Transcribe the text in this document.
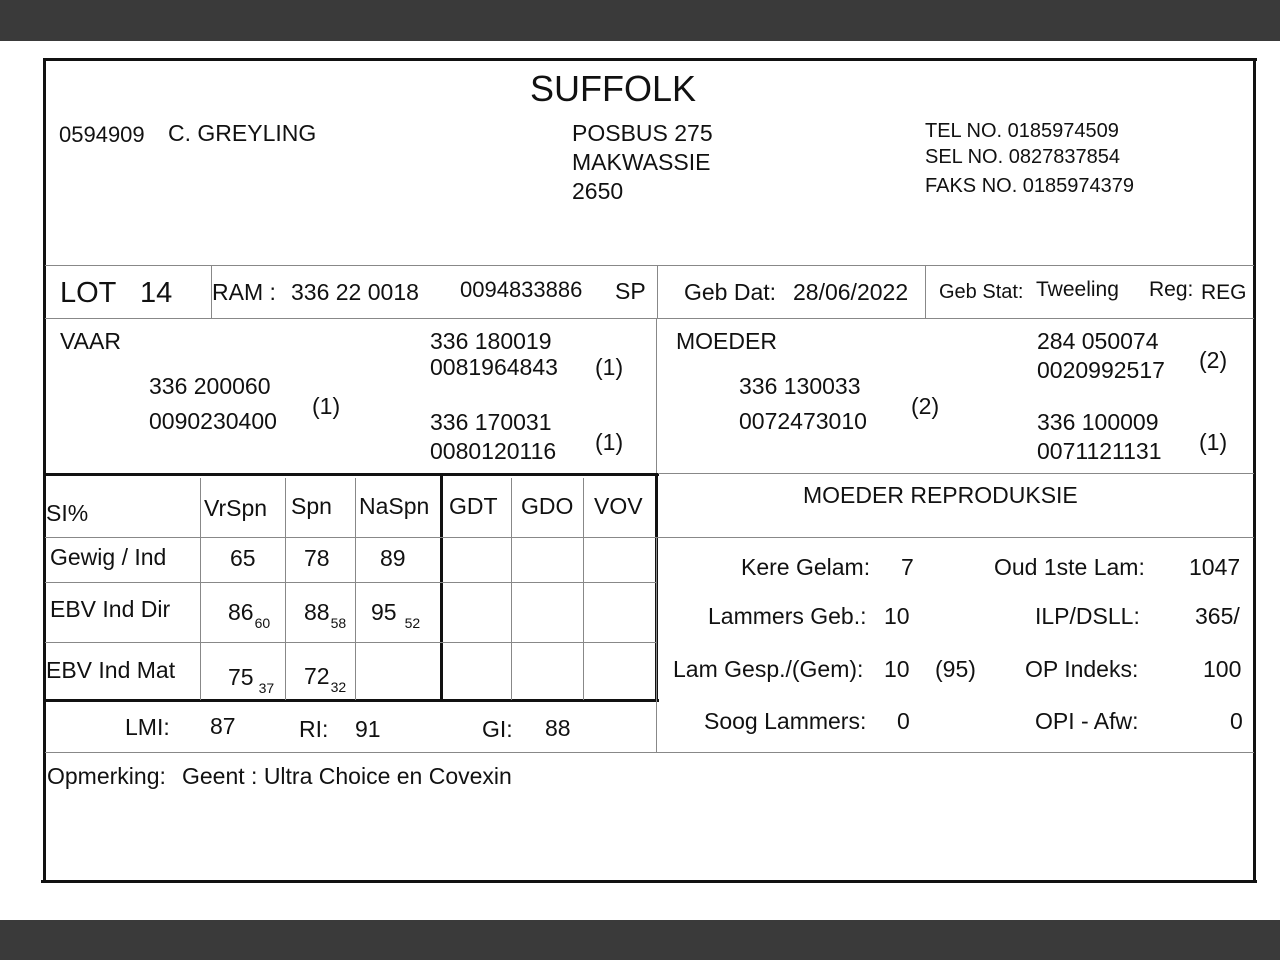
SUFFOLK
0594909 C. GREYLING	POSBUS 275
MAKWASSIE
2650
TEL NO. 0185974509
SEL NO. 0827837854
FAKS NO. 0185974379
LOT 14 RAM : 336 22 0018 0094833886 SP Geb Dat: 28/06/2022 Geb Stat: Tweeling Reg: REG
VAAR
336 200060
0090230400
(1)
336 180019
0081964843 (1)
336 170031
0080120116 (1)
MOEDER
336 130033
0072473010
(2)
284 050074
0020992517 (2)
336 100009
0071121131 (1)
SI%	VrSpn Spn NaSpn GDT GDO VOV
Gewig / Ind	65 78 89
EBV Ind Dir	$86_{60}$ $88_{58}$ 95 $_{52}$
EBV Ind Mat 75 $_{37}$ $72_{32}$
LMI: 87	RI: 91	GI: 88
MOEDER REPRODUKSIE
Kere Gelam: 7	Oud 1ste Lam: 1047
Lammers Geb.: 10	ILP/DSLL: 365/
Lam Gesp./(Gem): 10 (95) OP Indeks:	100
Soog Lammers: 0	OPI - Afw:	0
Opmerking: Geent : Ultra Choice en Covexin
